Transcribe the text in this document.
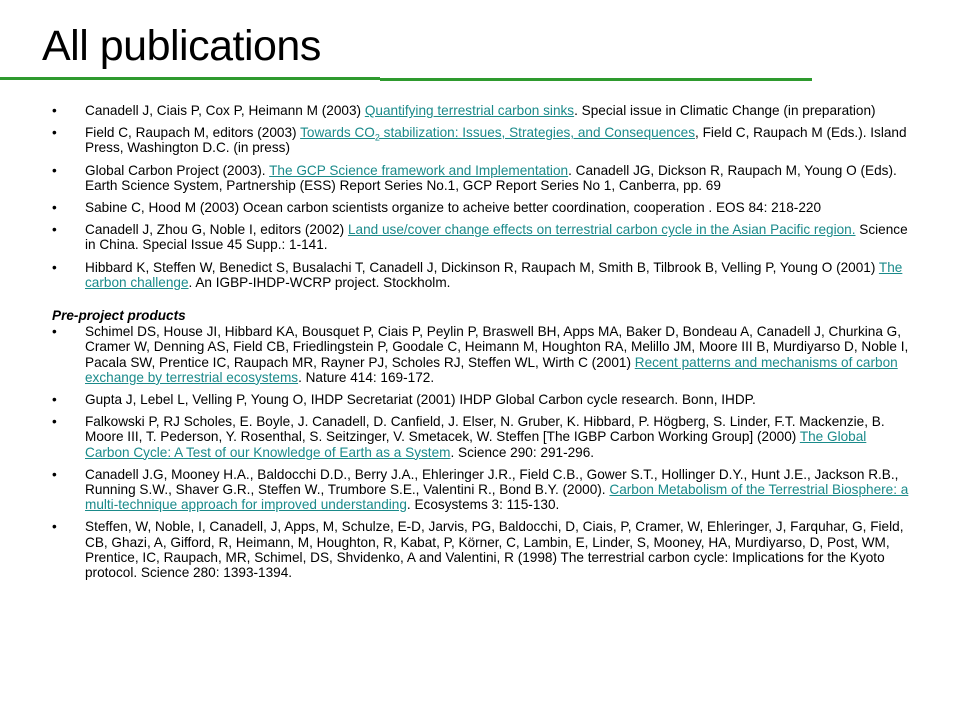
All publications
• Canadell J, Ciais P, Cox P, Heimann M (2003) Quantifying terrestrial carbon sinks. Special issue in Climatic Change (in preparation)
• Field C, Raupach M, editors (2003) Towards $CO_2$ stabilization: Issues, Strategies, and Consequences, Field C, Raupach M (Eds.). Island Press, Washington D.C. (in press)
• Global Carbon Project (2003). The GCP Science framework and Implementation. Canadell JG, Dickson R, Raupach M, Young O (Eds). Earth Science System, Partnership (ESS) Report Series No.1, GCP Report Series No 1, Canberra, pp. 69
• Sabine C, Hood M (2003) Ocean carbon scientists organize to acheive better coordination, cooperation . EOS 84: 218-220
• Canadell J, Zhou G, Noble I, editors (2002) Land use/cover change effects on terrestrial carbon cycle in the Asian Pacific region. Science in China. Special Issue 45 Supp.: 1-141.
• Hibbard K, Steffen W, Benedict S, Busalachi T, Canadell J, Dickinson R, Raupach M, Smith B, Tilbrook B, Velling P, Young O (2001) The carbon challenge. An IGBP-IHDP-WCRP project. Stockholm.
Pre-project products
• Schimel DS, House JI, Hibbard KA, Bousquet P, Ciais P, Peylin P, Braswell BH, Apps MA, Baker D, Bondeau A, Canadell J, Churkina G, Cramer W, Denning AS, Field CB, Friedlingstein P, Goodale C, Heimann M, Houghton RA, Melillo JM, Moore III B, Murdiyarso D, Noble I, Pacala SW, Prentice IC, Raupach MR, Rayner PJ, Scholes RJ, Steffen WL, Wirth C (2001) Recent patterns and mechanisms of carbon exchange by terrestrial ecosystems. Nature 414: 169-172.
• Gupta J, Lebel L, Velling P, Young O, IHDP Secretariat (2001) IHDP Global Carbon cycle research. Bonn, IHDP.
• Falkowski P, RJ Scholes, E. Boyle, J. Canadell, D. Canfield, J. Elser, N. Gruber, K. Hibbard, P. Högberg, S. Linder, F.T. Mackenzie, B. Moore III, T. Pederson, Y. Rosenthal, S. Seitzinger, V. Smetacek, W. Steffen [The IGBP Carbon Working Group] (2000) The Global Carbon Cycle: A Test of our Knowledge of Earth as a System. Science 290: 291-296.
• Canadell J.G, Mooney H.A., Baldocchi D.D., Berry J.A., Ehleringer J.R., Field C.B., Gower S.T., Hollinger D.Y., Hunt J.E., Jackson R.B., Running S.W., Shaver G.R., Steffen W., Trumbore S.E., Valentini R., Bond B.Y. (2000). Carbon Metabolism of the Terrestrial Biosphere: a multi-technique approach for improved understanding. Ecosystems 3: 115-130.
• Steffen, W, Noble, I, Canadell, J, Apps, M, Schulze, E-D, Jarvis, PG, Baldocchi, D, Ciais, P, Cramer, W, Ehleringer, J, Farquhar, G, Field, CB, Ghazi, A, Gifford, R, Heimann, M, Houghton, R, Kabat, P, Körner, C, Lambin, E, Linder, S, Mooney, HA, Murdiyarso, D, Post, WM, Prentice, IC, Raupach, MR, Schimel, DS, Shvidenko, A and Valentini, R (1998) The terrestrial carbon cycle: Implications for the Kyoto protocol. Science 280: 1393-1394.
